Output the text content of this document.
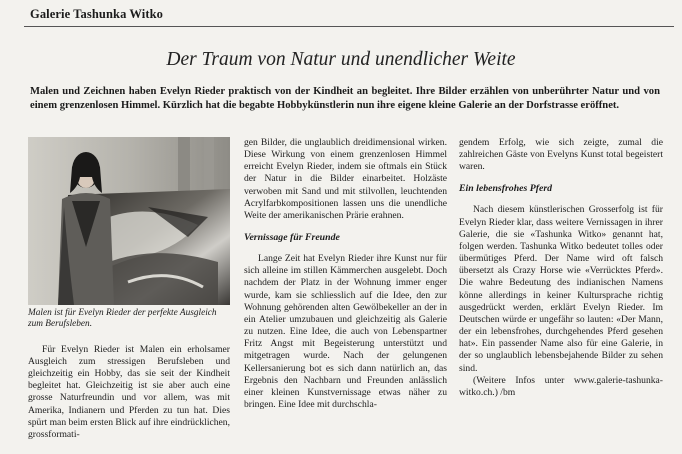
Galerie Tashunka Witko
Der Traum von Natur und unendlicher Weite
Malen und Zeichnen haben Evelyn Rieder praktisch von der Kindheit an begleitet. Ihre Bilder erzählen von unberührter Natur und von einem grenzenlosen Himmel. Kürzlich hat die begabte Hobbykünstlerin nun ihre eigene kleine Galerie an der Dorfstrasse eröffnet.
Malen ist für Evelyn Rieder der perfekte Ausgleich zum Berufsleben.

Für Evelyn Rieder ist Malen ein erholsamer Ausgleich zum stressigen Berufsleben und gleichzeitig ein Hobby, das sie seit der Kindheit begleitet hat. Gleichzeitig ist sie aber auch eine grosse Naturfreundin und vor allem, was mit Amerika, Indianern und Pferden zu tun hat. Dies spürt man beim ersten Blick auf ihre eindrücklichen, grossformati-

gen Bilder, die unglaublich dreidimensional wirken. Diese Wirkung von einem grenzenlosen Himmel erreicht Evelyn Rieder, indem sie oftmals ein Stück der Natur in die Bilder einarbeitet. Holzäste verwoben mit Sand und mit stilvollen, leuchtenden Acrylfarbkompositionen lassen uns die unendliche Weite der amerikanischen Prärie erahnen.

Vernissage für Freunde

Lange Zeit hat Evelyn Rieder ihre Kunst nur für sich alleine im stillen Kämmerchen ausgelebt. Doch nachdem der Platz in der Wohnung immer enger wurde, kam sie schliesslich auf die Idee, den zur Wohnung gehörenden alten Gewölbekeller an der in ein Atelier umzubauen und gleichzeitig als Galerie zu nutzen. Eine Idee, die auch von Lebenspartner Fritz Angst mit Begeisterung unterstützt und mitgetragen wurde. Nach der gelungenen Kellersanierung bot es sich dann natürlich an, das Ergebnis den Nachbarn und Freunden anlässlich einer kleinen Kunstvernissage etwas näher zu bringen. Eine Idee mit durchschla-

gendem Erfolg, wie sich zeigte, zumal die zahlreichen Gäste von Evelyns Kunst total begeistert waren.

Ein lebensfrohes Pferd

Nach diesem künstlerischen Grosserfolg ist für Evelyn Rieder klar, dass weitere Vernissagen in ihrer Galerie, die sie «Tashunka Witko» genannt hat, folgen werden. Tashunka Witko bedeutet tolles oder übermütiges Pferd. Der Name wird oft falsch übersetzt als Crazy Horse wie «Verrücktes Pferd». Die wahre Bedeutung des indianischen Namens könne allerdings in keiner Kultursprache richtig ausgedrückt werden, erklärt Evelyn Rieder. Im Deutschen würde er ungefähr so lauten: «Der Mann, der ein lebensfrohes, durchgehendes Pferd gesehen hat». Ein passender Name also für eine Galerie, in der so unglaublich lebensbejahende Bilder zu sehen sind.

(Weitere Infos unter www.galerie-tashunka-witko.ch.) /bm
